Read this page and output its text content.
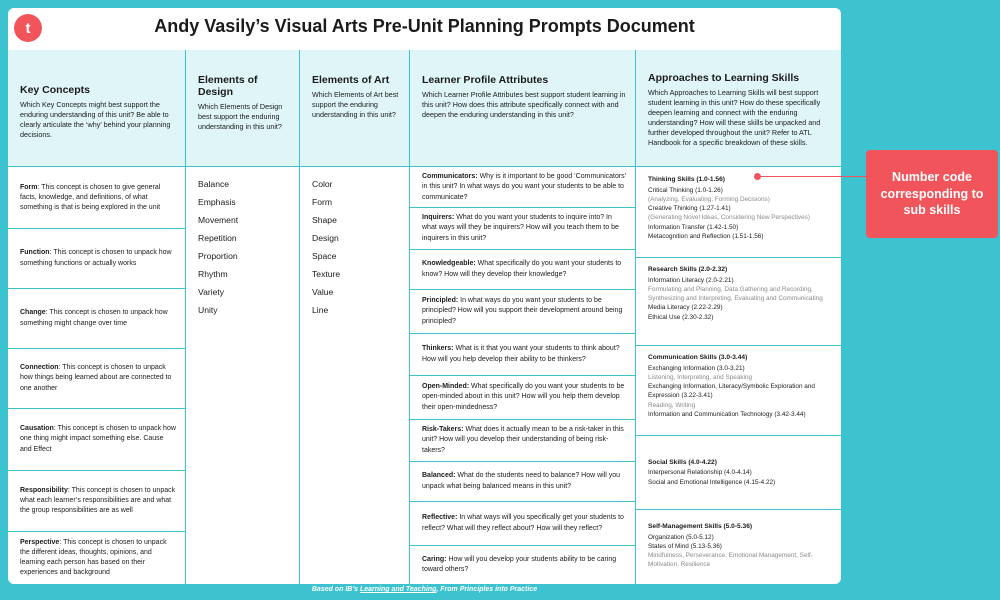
t	Andy Vasily’s Visual Arts Pre-Unit Planning Prompts Document
Key Concepts

Which Key Concepts might best support the enduring understanding of this unit? Be able to clearly articulate the ‘why’ behind your planning decisions.

Form: This concept is chosen to give general facts, knowledge, and definitions, of what something is that is being explored in the unit
Function: This concept is chosen to unpack how something functions or actually works
Change: This concept is chosen to unpack how something might change over time
Connection: This concept is chosen to unpack how things being learned about are connected to one another
Causation: This concept is chosen to unpack how one thing might impact something else. Cause and Effect
Responsibility: This concept is chosen to unpack what each learner’s responsibilities are and what the group responsibilities are as well
Perspective: This concept is chosen to unpack the different ideas, thoughts, opinions, and learning each person has based on their experiences and background
Elements of Design

Which Elements of Design best support the enduring understanding in this unit?

Balance
Emphasis
Movement
Repetition
Proportion
Rhythm
Variety
Unity
Elements of Art

Which Elements of Art best support the enduring understanding in this unit?

Color
Form
Shape
Design
Space
Texture
Value
Line
Learner Profile Attributes

Which Learner Profile Attributes best support student learning in this unit? How does this attribute specifically connect with and deepen the enduring understanding in this unit?

Communicators: Why is it important to be good ‘Communicators’ in this unit? In what ways do you want your students to be able to communicate?
Inquirers: What do you want your students to inquire into? In what ways will they be inquirers? How will you teach them to be inquirers in this unit?
Knowledgeable: What specifically do you want your students to know? How will they develop their knowledge?
Principled: In what ways do you want your students to be principled? How will you support their development around being principled?
Thinkers: What is it that you want your students to think about? How will you help develop their ability to be thinkers?
Open-Minded: What specifically do you want your students to be open-minded about in this unit? How will you help them develop their open-mindedness?
Risk-Takers: What does it actually mean to be a risk-taker in this unit? How will you develop their understanding of being risk-takers?
Balanced: What do the students need to balance? How will you unpack what being balanced means in this unit?
Reflective: In what ways will you specifically get your students to reflect? What will they reflect about? How will they reflect?
Caring: How will you develop your students ability to be caring toward others?
Approaches to Learning Skills

Which Approaches to Learning Skills will best support student learning in this unit? How do these specifically deepen learning and connect with the enduring understanding? How will these skills be unpacked and further developed throughout the unit? Refer to ATL Handbook for a specific breakdown of these skills.

Thinking Skills (1.0-1.56)
Critical Thinking (1.0-1.26)
(Analyzing, Evaluating, Forming Decisions)
Creative Thinking (1.27-1.41)
(Generating Novel Ideas, Considering New Perspectives)
Information Transfer (1.42-1.50)
Metacognition and Reflection (1.51-1.56)
Research Skills (2.0-2.32)
Information Literacy (2.0-2.21)
Formulating and Planning, Data Gathering and Recording, Synthesizing and Interpreting, Evaluating and Communicating
Media Literacy (2.22-2.29)
Ethical Use (2.30-2.32)
Communication Skills (3.0-3.44)
Exchanging Information (3.0-3.21)
Listening, Interpreting, and Speaking
Exchanging Information, Literacy/Symbolic Exploration and Expression (3.22-3.41)
Reading, Writing
Information and Communication Technology (3.42-3.44)
Social Skills (4.0-4.22)
Interpersonal Relationship (4.0-4.14)
Social and Emotional Intelligence (4.15-4.22)
Self-Management Skills (5.0-5.36)
Organization (5.0-5.12)
States of Mind (5.13-5.36)
Mindfulness, Perseverance, Emotional Management, Self-Motivation, Resilience
Based on IB’s Learning and Teaching, From Principles into Practice
Number code corresponding to sub skills
